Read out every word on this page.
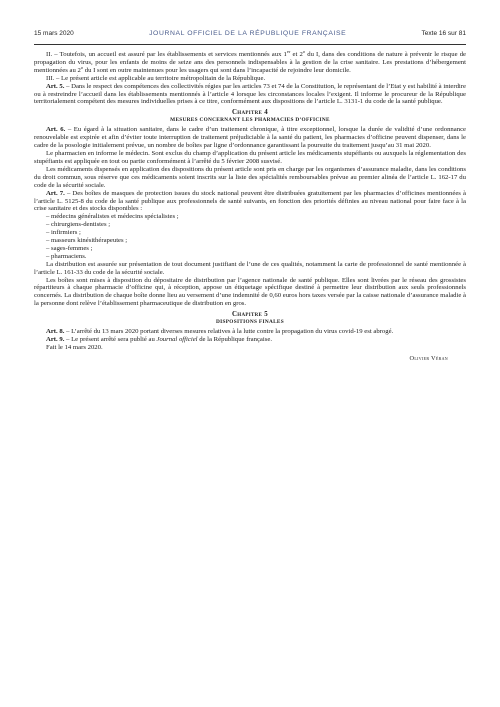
15 mars 2020	JOURNAL OFFICIEL DE LA RÉPUBLIQUE FRANÇAISE	Texte 16 sur 81

II. – Toutefois, un accueil est assuré par les établissements et services mentionnés aux 1er et 2$^o$ du I, dans des conditions de nature à prévenir le risque de propagation du virus, pour les enfants de moins de seize ans des personnels indispensables à la gestion de la crise sanitaire. Les prestations d’hébergement mentionnées au 2$^o$ du I sont en outre maintenues pour les usagers qui sont dans l’incapacité de rejoindre leur domicile.

III. – Le présent article est applicable au territoire métropolitain de la République.

Art. 5. – Dans le respect des compétences des collectivités régies par les articles 73 et 74 de la Constitution, le représentant de l’Etat y est habilité à interdire ou à restreindre l’accueil dans les établissements mentionnés à l’article 4 lorsque les circonstances locales l’exigent. Il informe le procureur de la République territorialement compétent des mesures individuelles prises à ce titre, conformément aux dispositions de l’article L. 3131-1 du code de la santé publique.

Chapitre 4
MESURES CONCERNANT LES PHARMACIES D’OFFICINE

Art. 6. – Eu égard à la situation sanitaire, dans le cadre d’un traitement chronique, à titre exceptionnel, lorsque la durée de validité d’une ordonnance renouvelable est expirée et afin d’éviter toute interruption de traitement préjudiciable à la santé du patient, les pharmacies d’officine peuvent dispenser, dans le cadre de la posologie initialement prévue, un nombre de boîtes par ligne d’ordonnance garantissant la poursuite du traitement jusqu’au 31 mai 2020.

Le pharmacien en informe le médecin. Sont exclus du champ d’application du présent article les médicaments stupéfiants ou auxquels la réglementation des stupéfiants est appliquée en tout ou partie conformément à l’arrêté du 5 février 2008 susvisé.

Les médicaments dispensés en application des dispositions du présent article sont pris en charge par les organismes d’assurance maladie, dans les conditions du droit commun, sous réserve que ces médicaments soient inscrits sur la liste des spécialités remboursables prévue au premier alinéa de l’article L. 162-17 du code de la sécurité sociale.

Art. 7. – Des boîtes de masques de protection issues du stock national peuvent être distribuées gratuitement par les pharmacies d’officines mentionnées à l’article L. 5125-8 du code de la santé publique aux professionnels de santé suivants, en fonction des priorités définies au niveau national pour faire face à la crise sanitaire et des stocks disponibles :

– médecins généralistes et médecins spécialistes ;
– chirurgiens-dentistes ;
– infirmiers ;
– masseurs kinésithérapeutes ;
– sages-femmes ;
– pharmaciens.

La distribution est assurée sur présentation de tout document justifiant de l’une de ces qualités, notamment la carte de professionnel de santé mentionnée à l’article L. 161-33 du code de la sécurité sociale.

Les boîtes sont mises à disposition du dépositaire de distribution par l’agence nationale de santé publique. Elles sont livrées par le réseau des grossistes répartiteurs à chaque pharmacie d’officine qui, à réception, appose un étiquetage spécifique destiné à permettre leur distribution aux seuls professionnels concernés. La distribution de chaque boîte donne lieu au versement d’une indemnité de 0,60 euros hors taxes versée par la caisse nationale d’assurance maladie à la personne dont relève l’établissement pharmaceutique de distribution en gros.

Chapitre 5
DISPOSITIONS FINALES

Art. 8. – L’arrêté du 13 mars 2020 portant diverses mesures relatives à la lutte contre la propagation du virus covid-19 est abrogé.

Art. 9. – Le présent arrêté sera publié au Journal officiel de la République française.

Fait le 14 mars 2020.

Olivier Véran
